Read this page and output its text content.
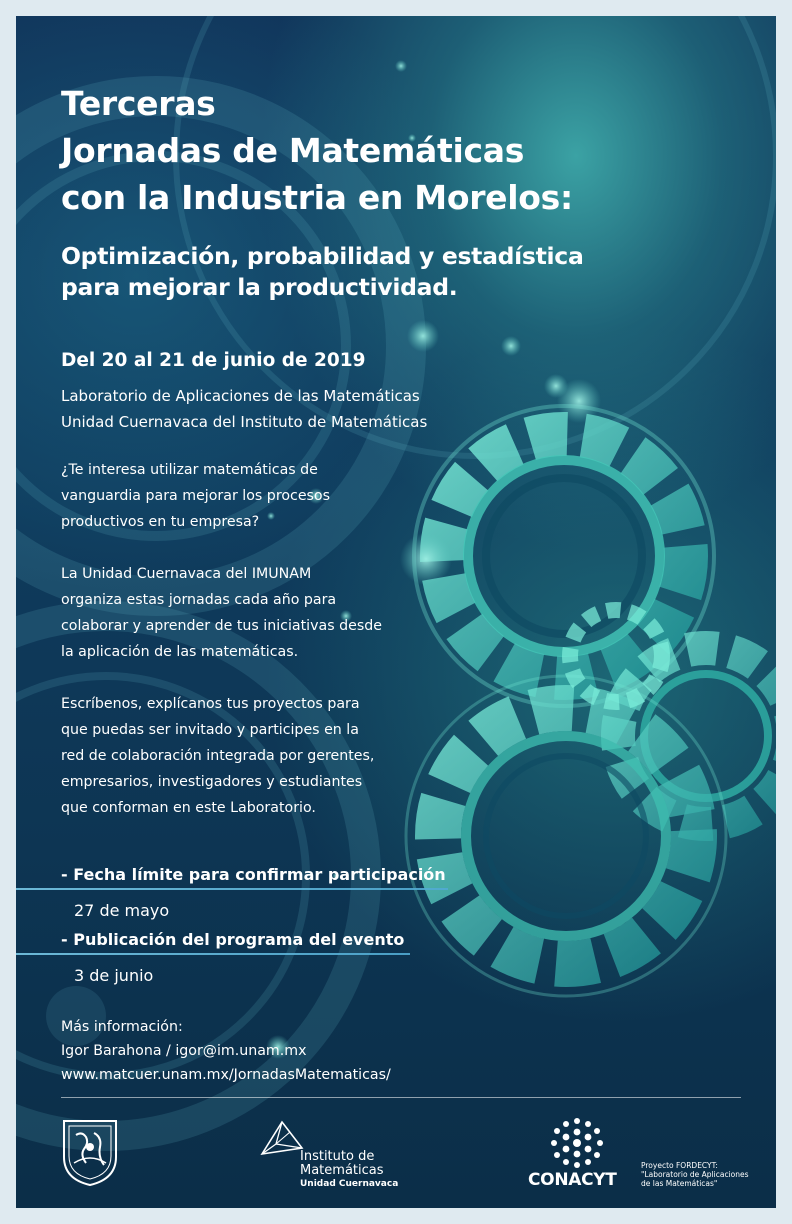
Terceras
Jornadas de Matemáticas
con la Industria en Morelos:
Optimización, probabilidad y estadística
para mejorar la productividad.
Del 20 al 21 de junio de 2019
Laboratorio de Aplicaciones de las Matemáticas
Unidad Cuernavaca del Instituto de Matemáticas
¿Te interesa utilizar matemáticas de
vanguardia para mejorar los procesos
productivos en tu empresa?
La Unidad Cuernavaca del IMUNAM
organiza estas jornadas cada año para
colaborar y aprender de tus iniciativas desde
la aplicación de las matemáticas.
Escríbenos, explícanos tus proyectos para
que puedas ser invitado y participes en la
red de colaboración integrada por gerentes,
empresarios, investigadores y estudiantes
que conforman en este Laboratorio.
- Fecha límite para confirmar participación
27 de mayo
- Publicación del programa del evento
3 de junio
Más información:
Igor Barahona / igor@im.unam.mx
www.matcuer.unam.mx/JornadasMatematicas/
Instituto de
Matemáticas
Unidad Cuernavaca	CONACYT
Proyecto FORDECYT:
"Laboratorio de Aplicaciones
de las Matemáticas"
